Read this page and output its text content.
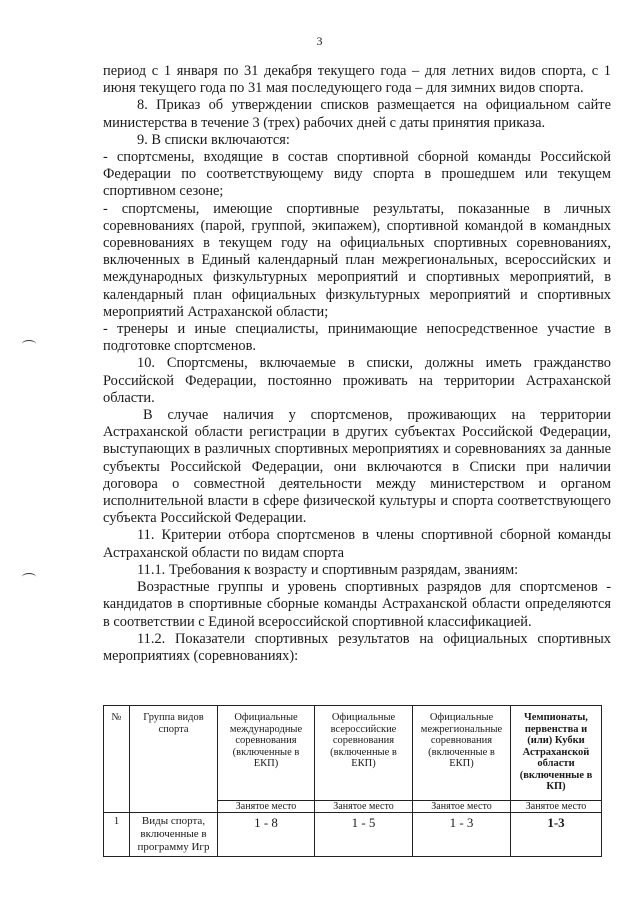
3

период с 1 января по 31 декабря текущего года – для летних видов спорта, с 1 июня текущего года по 31 мая последующего года – для зимних видов спорта.

8. Приказ об утверждении списков размещается на официальном сайте министерства в течение 3 (трех) рабочих дней с даты принятия приказа.

9. В списки включаются:

- спортсмены, входящие в состав спортивной сборной команды Российской Федерации по соответствующему виду спорта в прошедшем или текущем спортивном сезоне;

- спортсмены, имеющие спортивные результаты, показанные в личных соревнованиях (парой, группой, экипажем), спортивной командой в командных соревнованиях в текущем году на официальных спортивных соревнованиях, включенных в Единый календарный план межрегиональных, всероссийских и международных физкультурных мероприятий и спортивных мероприятий, в календарный план официальных физкультурных мероприятий и спортивных мероприятий Астраханской области;

- тренеры и иные специалисты, принимающие непосредственное участие в подготовке спортсменов.

10. Спортсмены, включаемые в списки, должны иметь гражданство Российской Федерации, постоянно проживать на территории Астраханской области.

В случае наличия у спортсменов, проживающих на территории Астраханской области регистрации в других субъектах Российской Федерации, выступающих в различных спортивных мероприятиях и соревнованиях за данные субъекты Российской Федерации, они включаются в Списки при наличии договора о совместной деятельности между министерством и органом исполнительной власти в сфере физической культуры и спорта соответствующего субъекта Российской Федерации.

11. Критерии отбора спортсменов в члены спортивной сборной команды Астраханской области по видам спорта

11.1. Требования к возрасту и спортивным разрядам, званиям:

Возрастные группы и уровень спортивных разрядов для спортсменов - кандидатов в спортивные сборные команды Астраханской области определяются в соответствии с Единой всероссийской спортивной классификацией.

11.2. Показатели спортивных результатов на официальных спортивных мероприятиях (соревнованиях):

№	Группа видов спорта	Официальные международные соревнования (включенные в ЕКП)	Официальные всероссийские соревнования (включенные в ЕКП)	Официальные межрегиональные соревнования (включенные в ЕКП)	Чемпионаты, первенства и (или) Кубки Астраханской области (включенные в КП)
		Занятое место	Занятое место	Занятое место	Занятое место
1	Виды спорта, включенные в программу Игр	1 - 8	1 - 5	1 - 3	1-3
